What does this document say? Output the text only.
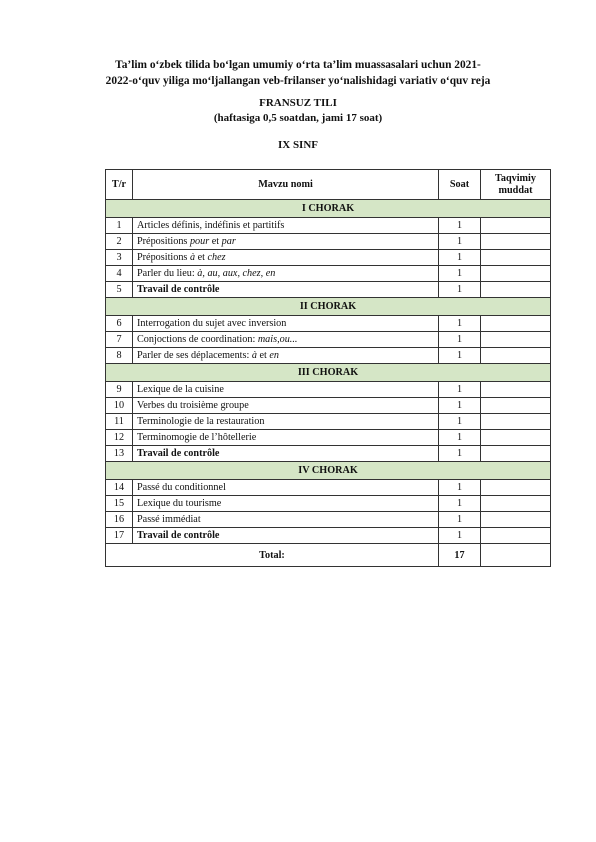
Ta’lim o‘zbek tilida bo‘lgan umumiy o‘rta ta’lim muassasalari uchun 2021-
2022-o‘quv yiliga mo‘ljallangan veb-frilanser yo‘nalishidagi variativ o‘quv reja
FRANSUZ TILI
(haftasiga 0,5 soatdan, jami 17 soat)
IX SINF
T/r	Mavzu nomi	Soat	Taqvimiy
muddat
I CHORAK			
1	Articles définis, indéfinis et partitifs	1	
2	Prépositions pour et par	1	
3	Prépositions à et chez	1	
4	Parler du lieu: à, au, aux, chez, en	1	
5	Travail de contrôle	1	
II CHORAK			
6	Interrogation du sujet avec inversion	1	
7	Conjoctions de coordination: mais,ou...	1	
8	Parler de ses déplacements: à et en	1	
III CHORAK			
9	Lexique de la cuisine	1	
10	Verbes du troisième groupe	1	
11	Terminologie de la restauration	1	
12	Terminomogie de l’hôtellerie	1	
13	Travail de contrôle	1	
IV CHORAK			
14	Passé du conditionnel	1	
15	Lexique du tourisme	1	
16	Passé immédiat	1	
17	Travail de contrôle	1	
Total:		17	
